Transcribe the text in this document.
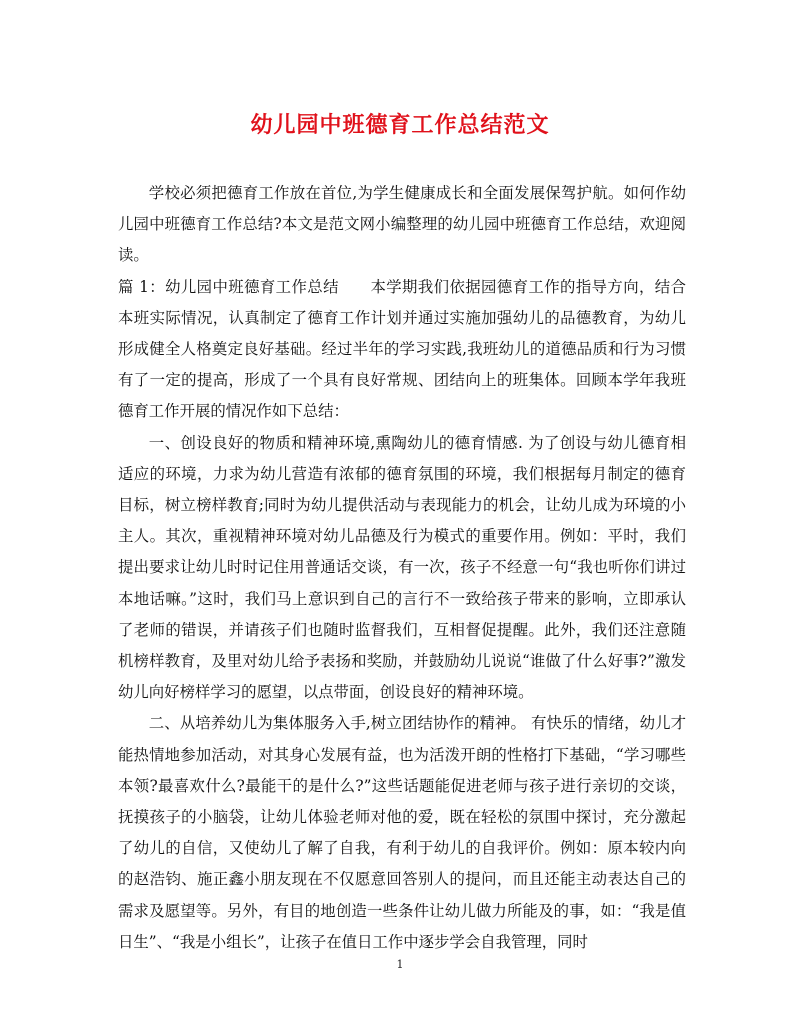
幼儿园中班德育工作总结范文

学校必须把德育工作放在首位,为学生健康成长和全面发展保驾护航。如何作幼儿园中班德育工作总结?本文是范文网小编整理的幼儿园中班德育工作总结，欢迎阅读。

篇 1：幼儿园中班德育工作总结　　本学期我们依据园德育工作的指导方向，结合本班实际情况，认真制定了德育工作计划并通过实施加强幼儿的品德教育，为幼儿形成健全人格奠定良好基础。经过半年的学习实践,我班幼儿的道德品质和行为习惯有了一定的提高，形成了一个具有良好常规、团结向上的班集体。回顾本学年我班德育工作开展的情况作如下总结：

一、创设良好的物质和精神环境,熏陶幼儿的德育情感. 为了创设与幼儿德育相适应的环境，力求为幼儿营造有浓郁的德育氛围的环境，我们根据每月制定的德育目标，树立榜样教育;同时为幼儿提供活动与表现能力的机会，让幼儿成为环境的小主人。其次，重视精神环境对幼儿品德及行为模式的重要作用。例如：平时，我们提出要求让幼儿时时记住用普通话交谈，有一次，孩子不经意一句“我也听你们讲过本地话嘛。”这时，我们马上意识到自己的言行不一致给孩子带来的影响，立即承认了老师的错误，并请孩子们也随时监督我们，互相督促提醒。此外，我们还注意随机榜样教育，及里对幼儿给予表扬和奖励，并鼓励幼儿说说“谁做了什么好事?”激发幼儿向好榜样学习的愿望，以点带面，创设良好的精神环境。

二、从培养幼儿为集体服务入手,树立团结协作的精神。 有快乐的情绪，幼儿才能热情地参加活动，对其身心发展有益，也为活泼开朗的性格打下基础，“学习哪些本领?最喜欢什么?最能干的是什么?”这些话题能促进老师与孩子进行亲切的交谈，抚摸孩子的小脑袋，让幼儿体验老师对他的爱，既在轻松的氛围中探讨，充分激起了幼儿的自信，又使幼儿了解了自我，有利于幼儿的自我评价。例如：原本较内向的赵浩钧、施正鑫小朋友现在不仅愿意回答别人的提问，而且还能主动表达自己的需求及愿望等。另外，有目的地创造一些条件让幼儿做力所能及的事，如：“我是值日生”、“我是小组长”，让孩子在值日工作中逐步学会自我管理，同时

1
